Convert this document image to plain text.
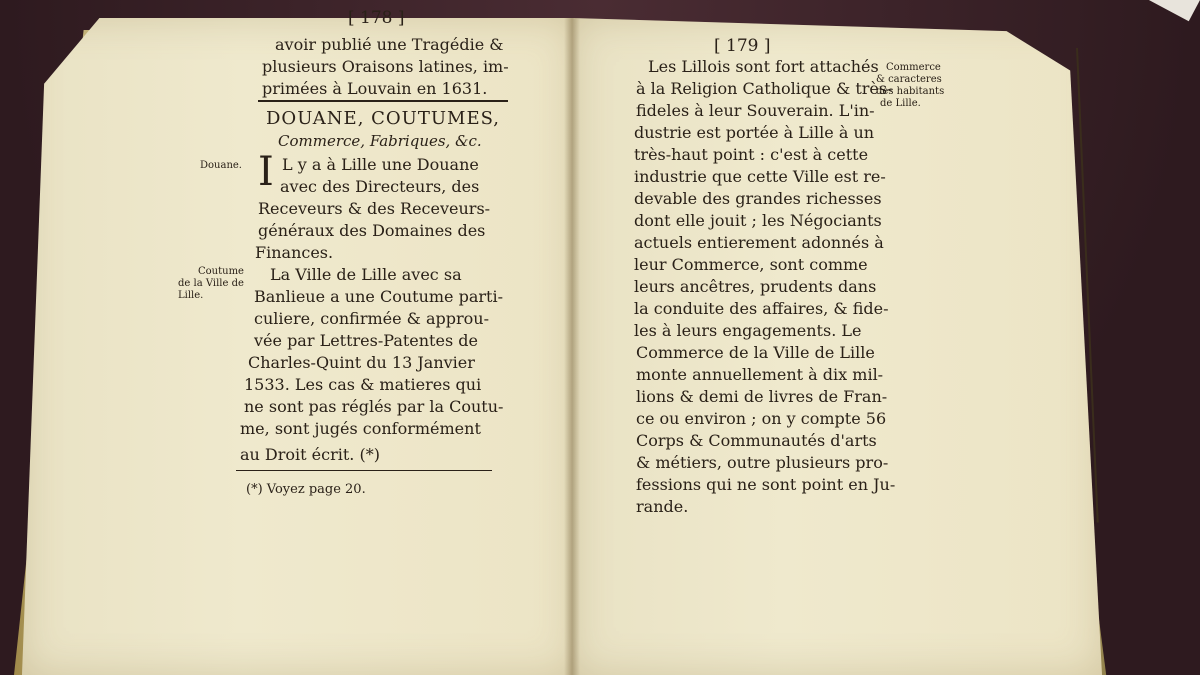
[ 178 ]
avoir publié une Tragédie &
plusieurs Oraisons latines, im-
primées à Louvain en 1631.
DOUANE, COUTUMES,
Commerce, Fabriques, &c.
Douane. I L y a à Lille une Douane
avec des Directeurs, des
Receveurs & des Receveurs-
généraux des Domaines des
Finances.
Coutume
de la Ville de
Lille.
La Ville de Lille avec sa
Banlieue a une Coutume parti-
culiere, confirmée & approu-
vée par Lettres-Patentes de
Charles-Quint du 13 Janvier
1533. Les cas & matieres qui
ne sont pas réglés par la Coutu-
me, sont jugés conformément
au Droit écrit. (*)
(*) Voyez page 20.
[ 179 ]
Commerce
& caracteres
des habitants
de Lille.
Les Lillois sont fort attachés
à la Religion Catholique & très-
fideles à leur Souverain. L'in-
dustrie est portée à Lille à un
très-haut point : c'est à cette
industrie que cette Ville est re-
devable des grandes richesses
dont elle jouit ; les Négociants
actuels entierement adonnés à
leur Commerce, sont comme
leurs ancêtres, prudents dans
la conduite des affaires, & fide-
les à leurs engagements. Le
Commerce de la Ville de Lille
monte annuellement à dix mil-
lions & demi de livres de Fran-
ce ou environ ; on y compte 56
Corps & Communautés d'arts
& métiers, outre plusieurs pro-
fessions qui ne sont point en Ju-
rande.
